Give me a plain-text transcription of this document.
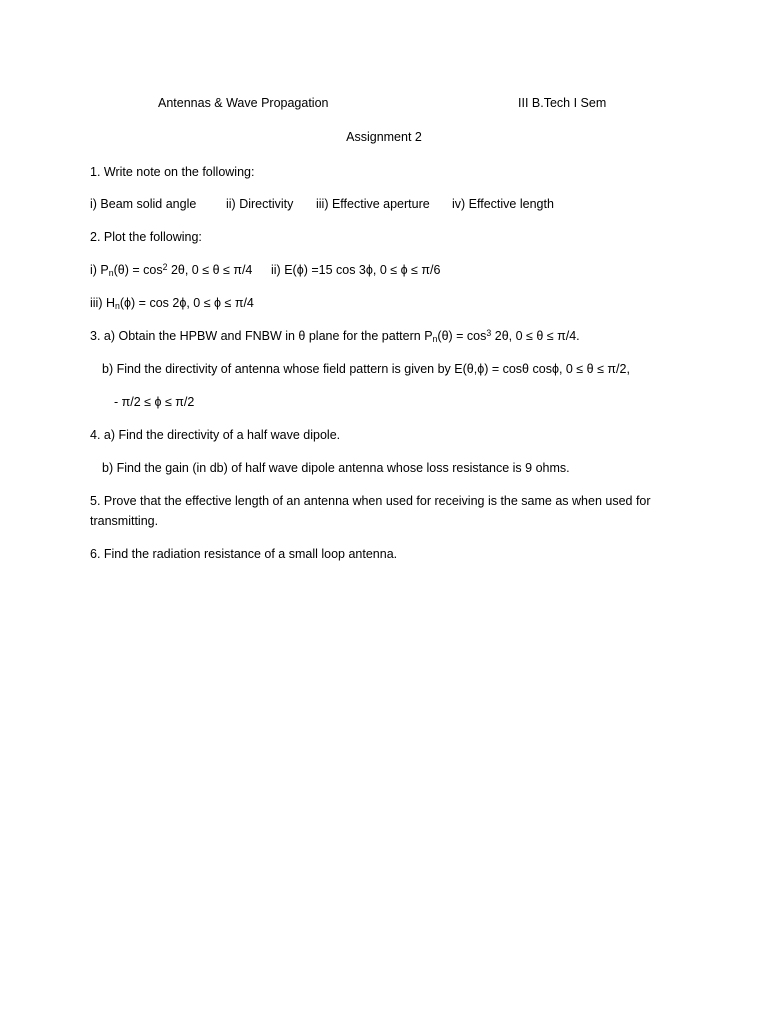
Antennas & Wave Propagation	III B.Tech I Sem
Assignment 2
1. Write note on the following:
i) Beam solid angle ii) Directivity iii) Effective aperture iv) Effective length
2. Plot the following:
i) $P_n(\theta) = \cos^2 2\theta$, 0 ≤ θ ≤ π/4 ii) E(ϕ) =15 cos 3ϕ, 0 ≤ ϕ ≤ π/6
iii) $H_n(\phi) = \cos 2\phi$, 0 ≤ ϕ ≤ π/4
3. a) Obtain the HPBW and FNBW in θ plane for the pattern $P_n(\theta) = \cos^3 2\theta$, 0 ≤ θ ≤ π/4.
b) Find the directivity of antenna whose field pattern is given by E(θ,ϕ) = cosθ cosϕ, 0 ≤ θ ≤ π/2,
- π/2 ≤ ϕ ≤ π/2
4. a) Find the directivity of a half wave dipole.
b) Find the gain (in db) of half wave dipole antenna whose loss resistance is 9 ohms.
5. Prove that the effective length of an antenna when used for receiving is the same as when used for transmitting.
6. Find the radiation resistance of a small loop antenna.
